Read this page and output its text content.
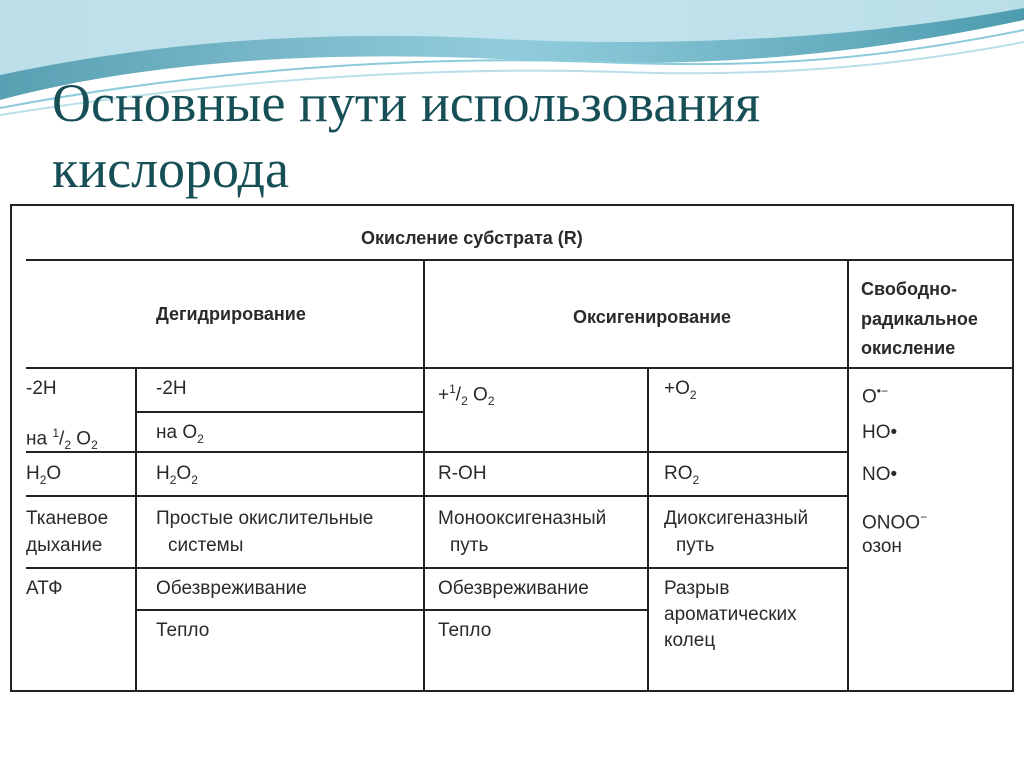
Основные пути использования кислорода
Окисление субстрата (R)
Дегидрирование	Оксигенирование
Свободно-
радикальное
окисление
-2H
на $^1/_2$ $O_2$
$H_2O$
Тканевое
дыхание
АТФ
-2H
на $O_2$
$H_2O_2$
Простые окислительные
системы
Обезвреживание
Тепло
$+^1/_2$ $O_2$
R-OH
Монооксигеназный
путь
Обезвреживание
Тепло
$+O_2$
$RO_2$
Диоксигеназный
путь
Разрыв
ароматических
колец
O•−
HO•
NO•
ONOO−
озон
